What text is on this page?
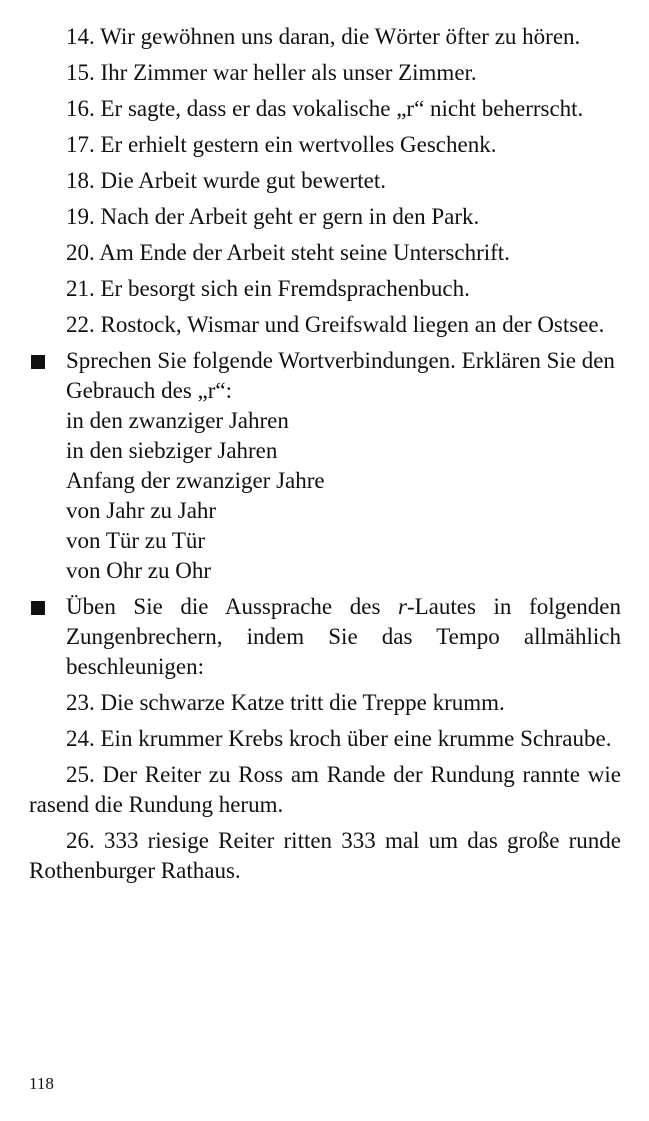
14. Wir gewöhnen uns daran, die Wörter öfter zu hören.

15. Ihr Zimmer war heller als unser Zimmer.

16. Er sagte, dass er das vokalische „r“ nicht beherrscht.

17. Er erhielt gestern ein wertvolles Geschenk.

18. Die Arbeit wurde gut bewertet.

19. Nach der Arbeit geht er gern in den Park.

20. Am Ende der Arbeit steht seine Unterschrift.

21. Er besorgt sich ein Fremdsprachenbuch.

22. Rostock, Wismar und Greifswald liegen an der Ostsee.

Sprechen Sie folgende Wortverbindungen. Erklären Sie den Gebrauch des „r“:
in den zwanziger Jahren
in den siebziger Jahren
Anfang der zwanziger Jahre
von Jahr zu Jahr
von Tür zu Tür
von Ohr zu Ohr
Üben Sie die Aussprache des r-Lautes in folgenden Zungenbrechern, indem Sie das Tempo allmählich beschleunigen:

23. Die schwarze Katze tritt die Treppe krumm.

24. Ein krummer Krebs kroch über eine krumme Schraube.

25. Der Reiter zu Ross am Rande der Rundung rannte wie rasend die Rundung herum.

26. 333 riesige Reiter ritten 333 mal um das große runde Rothenburger Rathaus.

118
